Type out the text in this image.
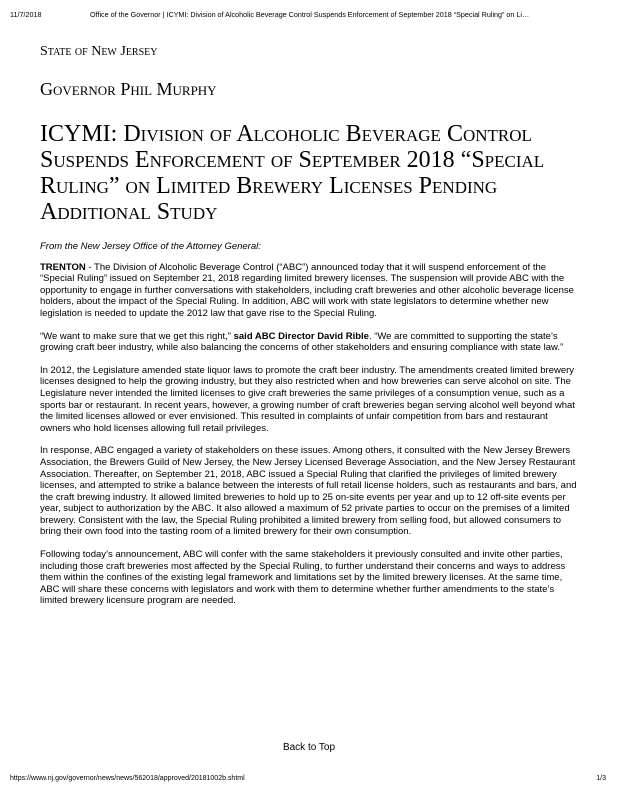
11/7/2018	Office of the Governor | ICYMI: Division of Alcoholic Beverage Control Suspends Enforcement of September 2018 “Special Ruling” on Li…
State of New Jersey
Governor Phil Murphy
ICYMI: Division of Alcoholic Beverage Control Suspends Enforcement of September 2018 “Special Ruling” on Limited Brewery Licenses Pending Additional Study

From the New Jersey Office of the Attorney General:

TRENTON - The Division of Alcoholic Beverage Control (“ABC”) announced today that it will suspend enforcement of the “Special Ruling” issued on September 21, 2018 regarding limited brewery licenses. The suspension will provide ABC with the opportunity to engage in further conversations with stakeholders, including craft breweries and other alcoholic beverage license holders, about the impact of the Special Ruling. In addition, ABC will work with state legislators to determine whether new legislation is needed to update the 2012 law that gave rise to the Special Ruling.

“We want to make sure that we get this right,” said ABC Director David Rible. “We are committed to supporting the state’s growing craft beer industry, while also balancing the concerns of other stakeholders and ensuring compliance with state law.”

In 2012, the Legislature amended state liquor laws to promote the craft beer industry. The amendments created limited brewery licenses designed to help the growing industry, but they also restricted when and how breweries can serve alcohol on site. The Legislature never intended the limited licenses to give craft breweries the same privileges of a consumption venue, such as a sports bar or restaurant. In recent years, however, a growing number of craft breweries began serving alcohol well beyond what the limited licenses allowed or ever envisioned. This resulted in complaints of unfair competition from bars and restaurant owners who hold licenses allowing full retail privileges.

In response, ABC engaged a variety of stakeholders on these issues. Among others, it consulted with the New Jersey Brewers Association, the Brewers Guild of New Jersey, the New Jersey Licensed Beverage Association, and the New Jersey Restaurant Association. Thereafter, on September 21, 2018, ABC issued a Special Ruling that clarified the privileges of limited brewery licenses, and attempted to strike a balance between the interests of full retail license holders, such as restaurants and bars, and the craft brewing industry. It allowed limited breweries to hold up to 25 on-site events per year and up to 12 off-site events per year, subject to authorization by the ABC. It also allowed a maximum of 52 private parties to occur on the premises of a limited brewery. Consistent with the law, the Special Ruling prohibited a limited brewery from selling food, but allowed consumers to bring their own food into the tasting room of a limited brewery for their own consumption.

Following today’s announcement, ABC will confer with the same stakeholders it previously consulted and invite other parties, including those craft breweries most affected by the Special Ruling, to further understand their concerns and ways to address them within the confines of the existing legal framework and limitations set by the limited brewery licenses. At the same time, ABC will share these concerns with legislators and work with them to determine whether further amendments to the state’s limited brewery licensure program are needed.

Back to Top
https://www.nj.gov/governor/news/news/562018/approved/20181002b.shtml	1/3
